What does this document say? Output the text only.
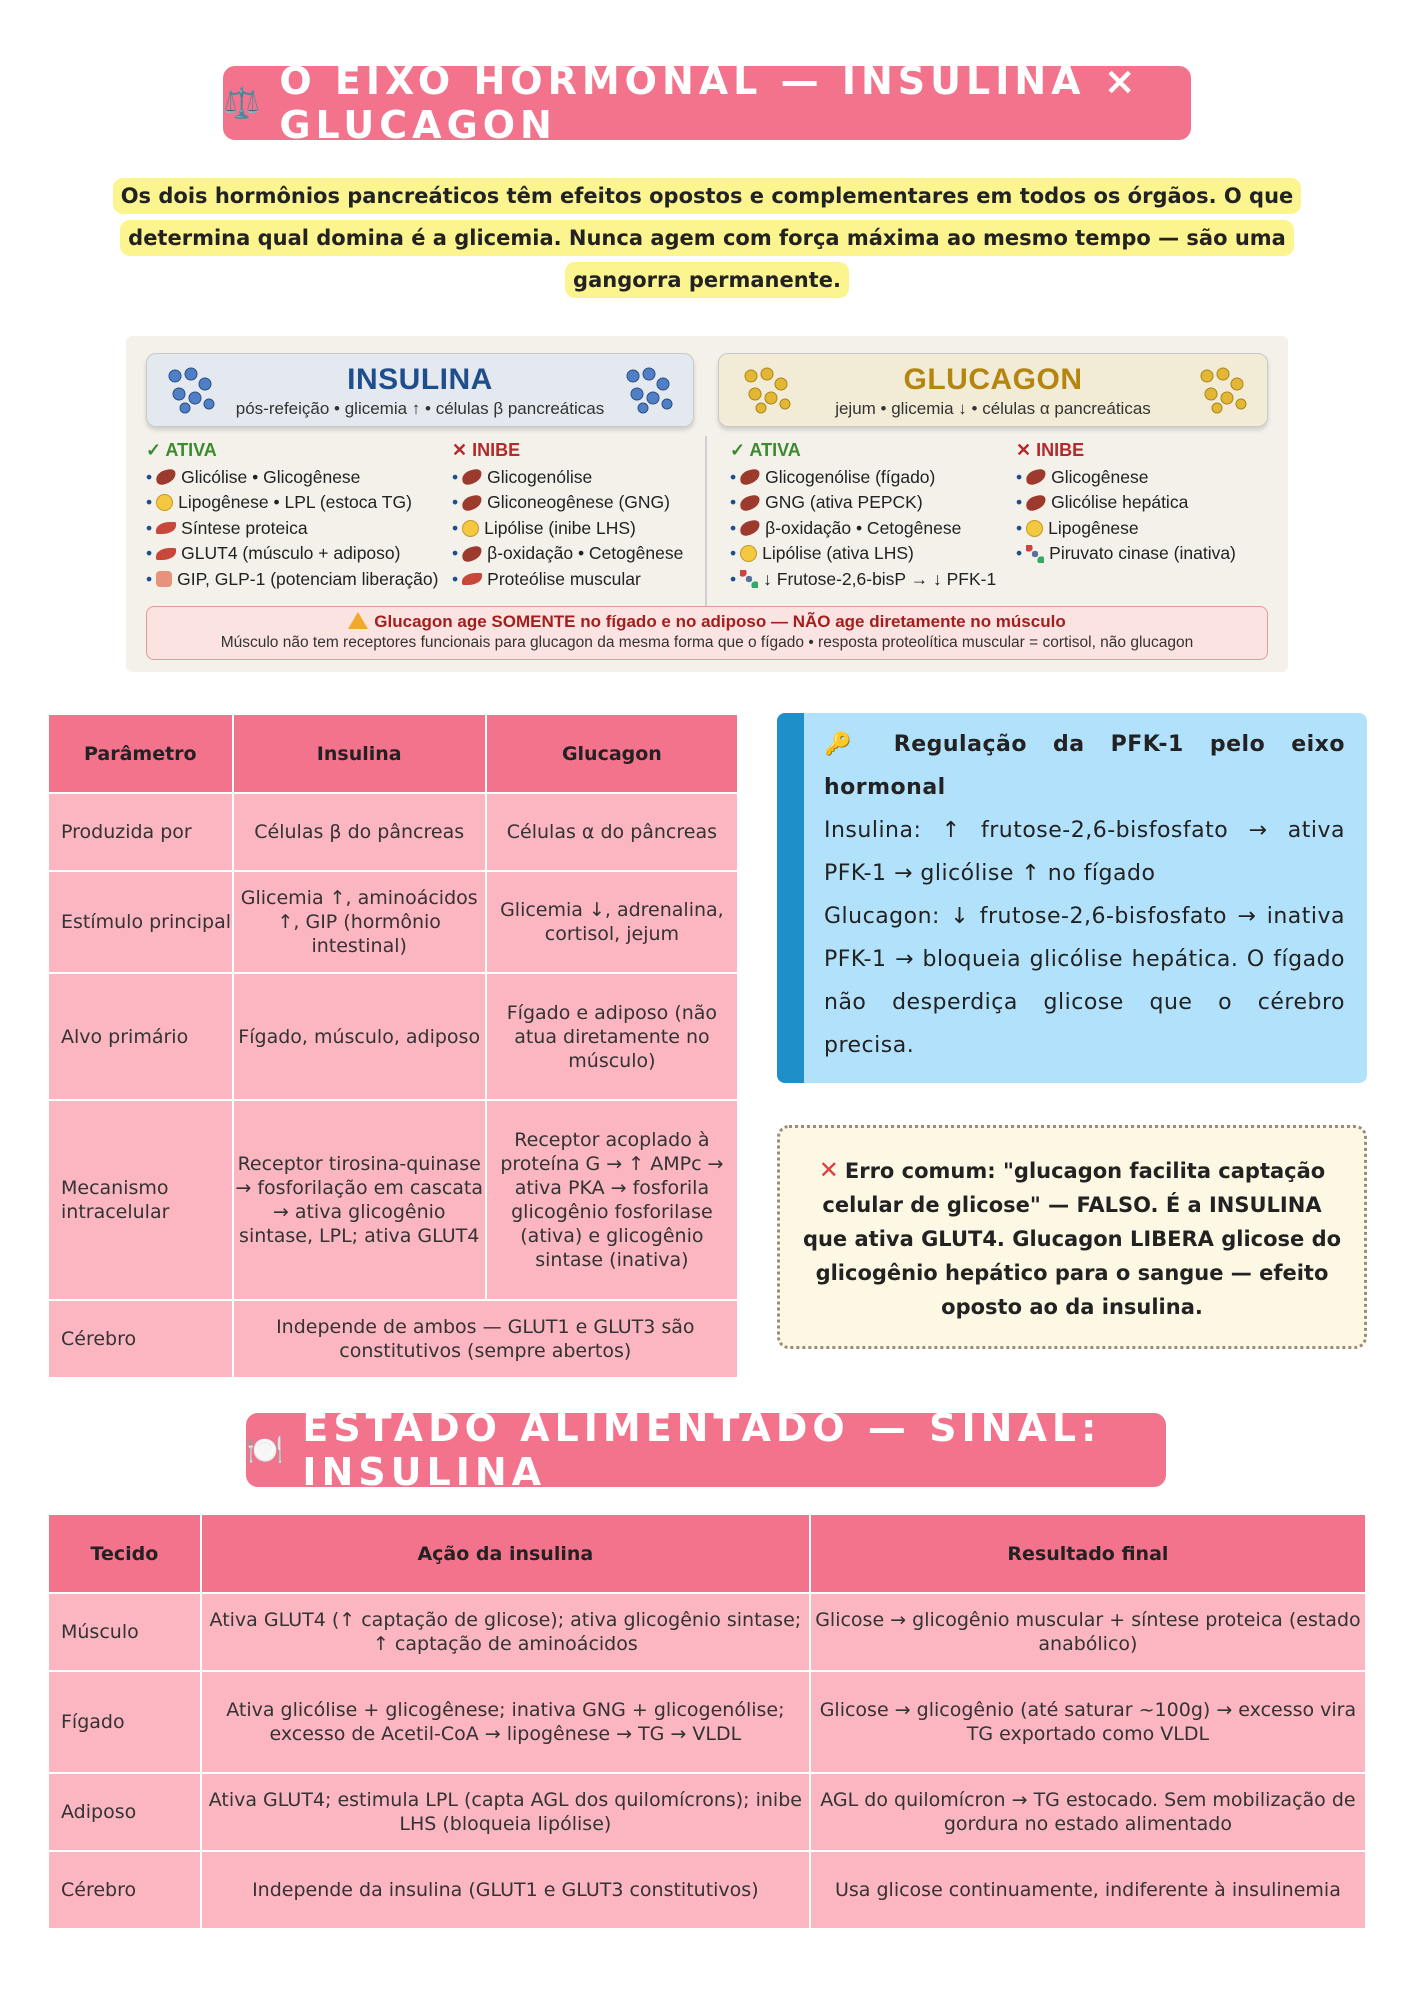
⚖️ O EIXO HORMONAL — INSULINA × GLUCAGON
Os dois hormônios pancreáticos têm efeitos opostos e complementares em todos os órgãos. O que determina qual domina é a glicemia. Nunca agem com força máxima ao mesmo tempo — são uma gangorra permanente.
INSULINA
pós-refeição • glicemia ↑ • células β pancreáticas
GLUCAGON
jejum • glicemia ↓ • células α pancreáticas
✓ ATIVA
• Glicólise • Glicogênese
• Lipogênese • LPL (estoca TG)
• Síntese proteica
• GLUT4 (músculo + adiposo)
• GIP, GLP-1 (potenciam liberação)
✕ INIBE
• Glicogenólise
• Gliconeogênese (GNG)
• Lipólise (inibe LHS)
• β-oxidação • Cetogênese
• Proteólise muscular
✓ ATIVA
• Glicogenólise (fígado)
• GNG (ativa PEPCK)
• β-oxidação • Cetogênese
• Lipólise (ativa LHS)
• ↓ Frutose-2,6-bisP → ↓ PFK-1
✕ INIBE
• Glicogênese
• Glicólise hepática
• Lipogênese
• Piruvato cinase (inativa)
Glucagon age SOMENTE no fígado e no adiposo — NÃO age diretamente no músculo
Músculo não tem receptores funcionais para glucagon da mesma forma que o fígado • resposta proteolítica muscular = cortisol, não glucagon
Parâmetro	Insulina	Glucagon
Produzida por	Células β do pâncreas	Células α do pâncreas
Estímulo principal	Glicemia ↑, aminoácidos ↑, GIP (hormônio intestinal)	Glicemia ↓, adrenalina, cortisol, jejum
Alvo primário	Fígado, músculo, adiposo	Fígado e adiposo (não atua diretamente no músculo)
Mecanismo intracelular	Receptor tirosina-quinase → fosforilação em cascata → ativa glicogênio sintase, LPL; ativa GLUT4	Receptor acoplado à proteína G → ↑ AMPc → ativa PKA → fosforila glicogênio fosforilase (ativa) e glicogênio sintase (inativa)
Cérebro	Independe de ambos — GLUT1 e GLUT3 são constitutivos (sempre abertos)	
🔑 Regulação da PFK-1 pelo eixo hormonal
Insulina: ↑ frutose-2,6-bisfosfato → ativa PFK-1 → glicólise ↑ no fígado
Glucagon: ↓ frutose-2,6-bisfosfato → inativa PFK-1 → bloqueia glicólise hepática. O fígado não desperdiça glicose que o cérebro precisa.
✕ Erro comum: "glucagon facilita captação celular de glicose" — FALSO. É a INSULINA que ativa GLUT4. Glucagon LIBERA glicose do glicogênio hepático para o sangue — efeito oposto ao da insulina.
🍽️ ESTADO ALIMENTADO — SINAL: INSULINA
Tecido	Ação da insulina	Resultado final
Músculo	Ativa GLUT4 (↑ captação de glicose); ativa glicogênio sintase; ↑ captação de aminoácidos	Glicose → glicogênio muscular + síntese proteica (estado anabólico)
Fígado	Ativa glicólise + glicogênese; inativa GNG + glicogenólise; excesso de Acetil-CoA → lipogênese → TG → VLDL	Glicose → glicogênio (até saturar ~100g) → excesso vira TG exportado como VLDL
Adiposo	Ativa GLUT4; estimula LPL (capta AGL dos quilomícrons); inibe LHS (bloqueia lipólise)	AGL do quilomícron → TG estocado. Sem mobilização de gordura no estado alimentado
Cérebro	Independe da insulina (GLUT1 e GLUT3 constitutivos)	Usa glicose continuamente, indiferente à insulinemia
